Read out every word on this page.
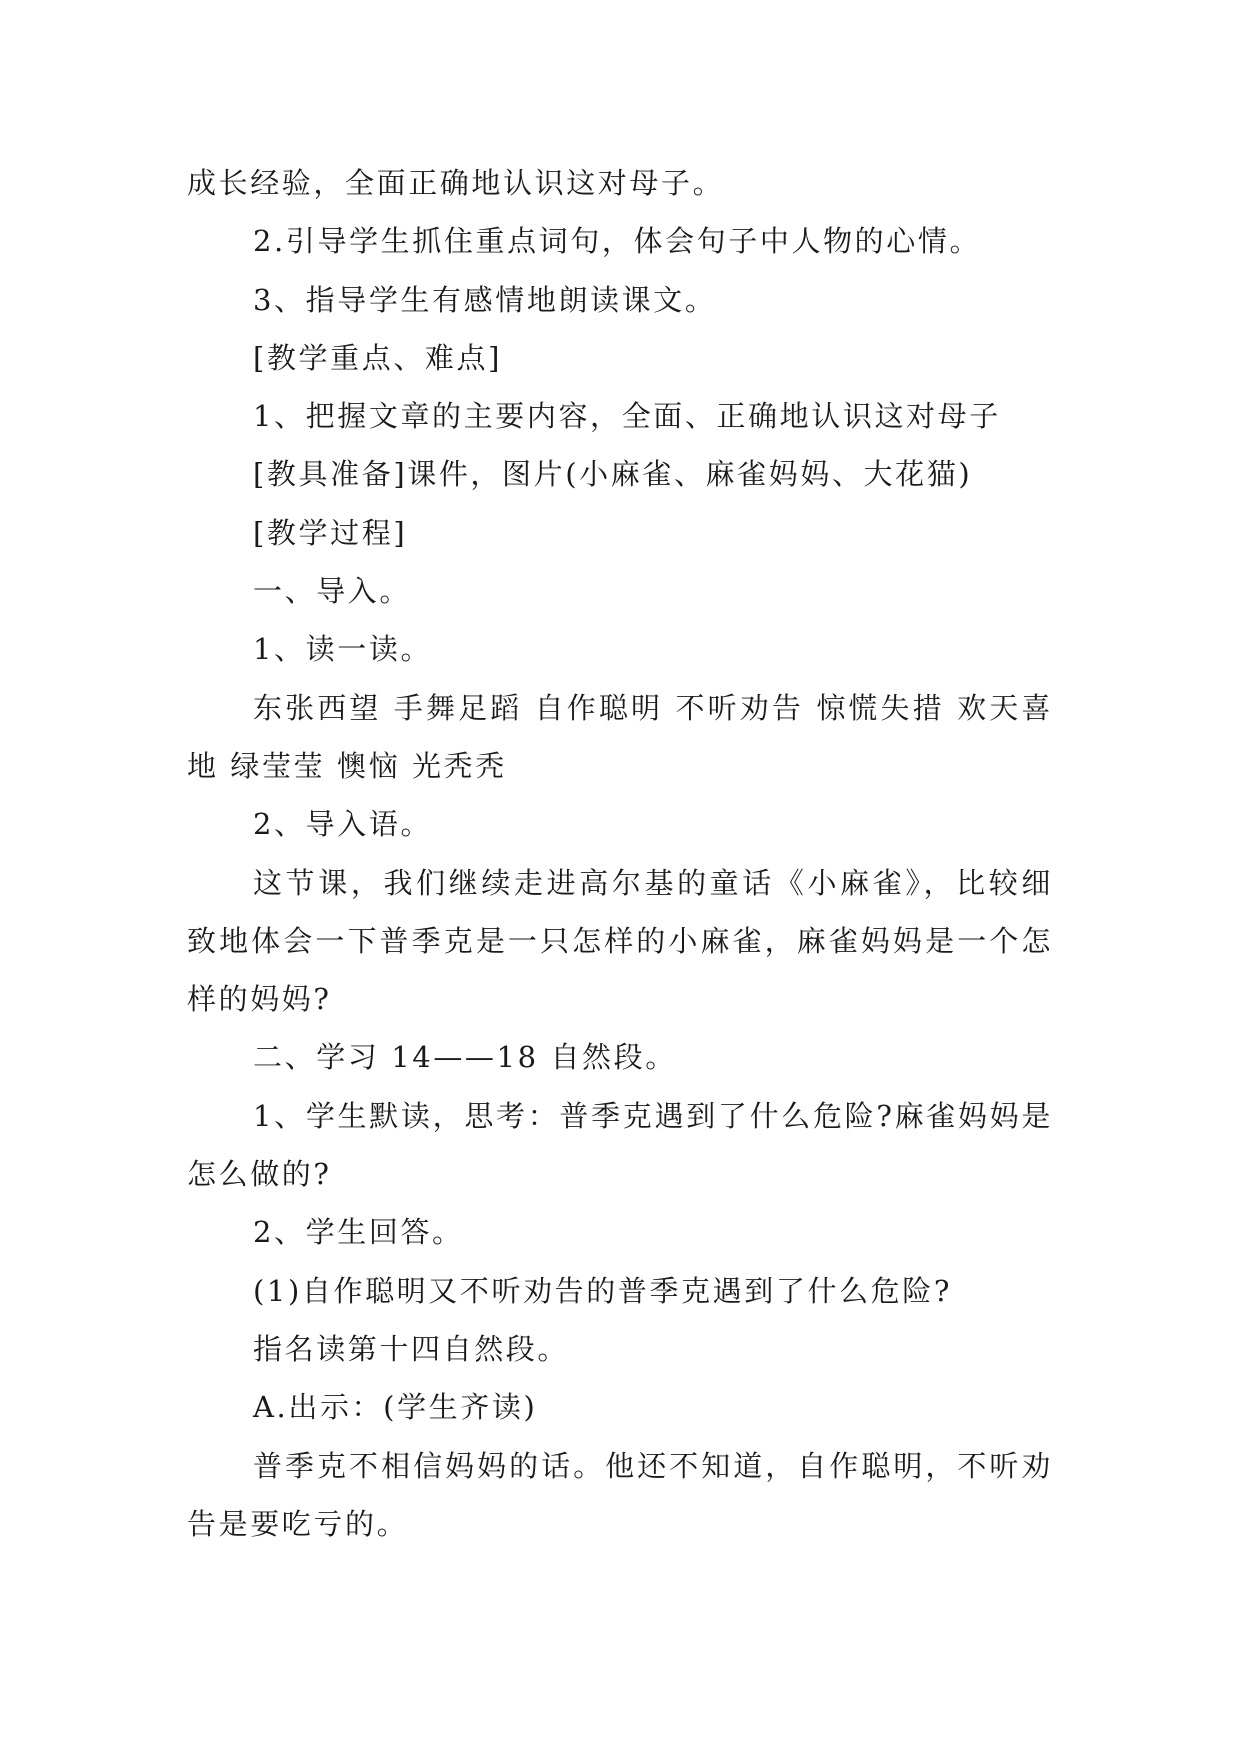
成长经验，全面正确地认识这对母子。

2.引导学生抓住重点词句，体会句子中人物的心情。

3、指导学生有感情地朗读课文。

[教学重点、难点]

1、把握文章的主要内容，全面、正确地认识这对母子

[教具准备]课件，图片(小麻雀、麻雀妈妈、大花猫)

[教学过程]

一、导入。

1、读一读。

东张西望 手舞足蹈 自作聪明 不听劝告 惊慌失措 欢天喜地 绿莹莹 懊恼 光秃秃

2、导入语。

这节课，我们继续走进高尔基的童话《小麻雀》，比较细致地体会一下普季克是一只怎样的小麻雀，麻雀妈妈是一个怎样的妈妈?

二、学习 14——18 自然段。

1、学生默读，思考：普季克遇到了什么危险?麻雀妈妈是怎么做的?

2、学生回答。

(1)自作聪明又不听劝告的普季克遇到了什么危险?

指名读第十四自然段。

A.出示：(学生齐读)

普季克不相信妈妈的话。他还不知道，自作聪明，不听劝告是要吃亏的。
